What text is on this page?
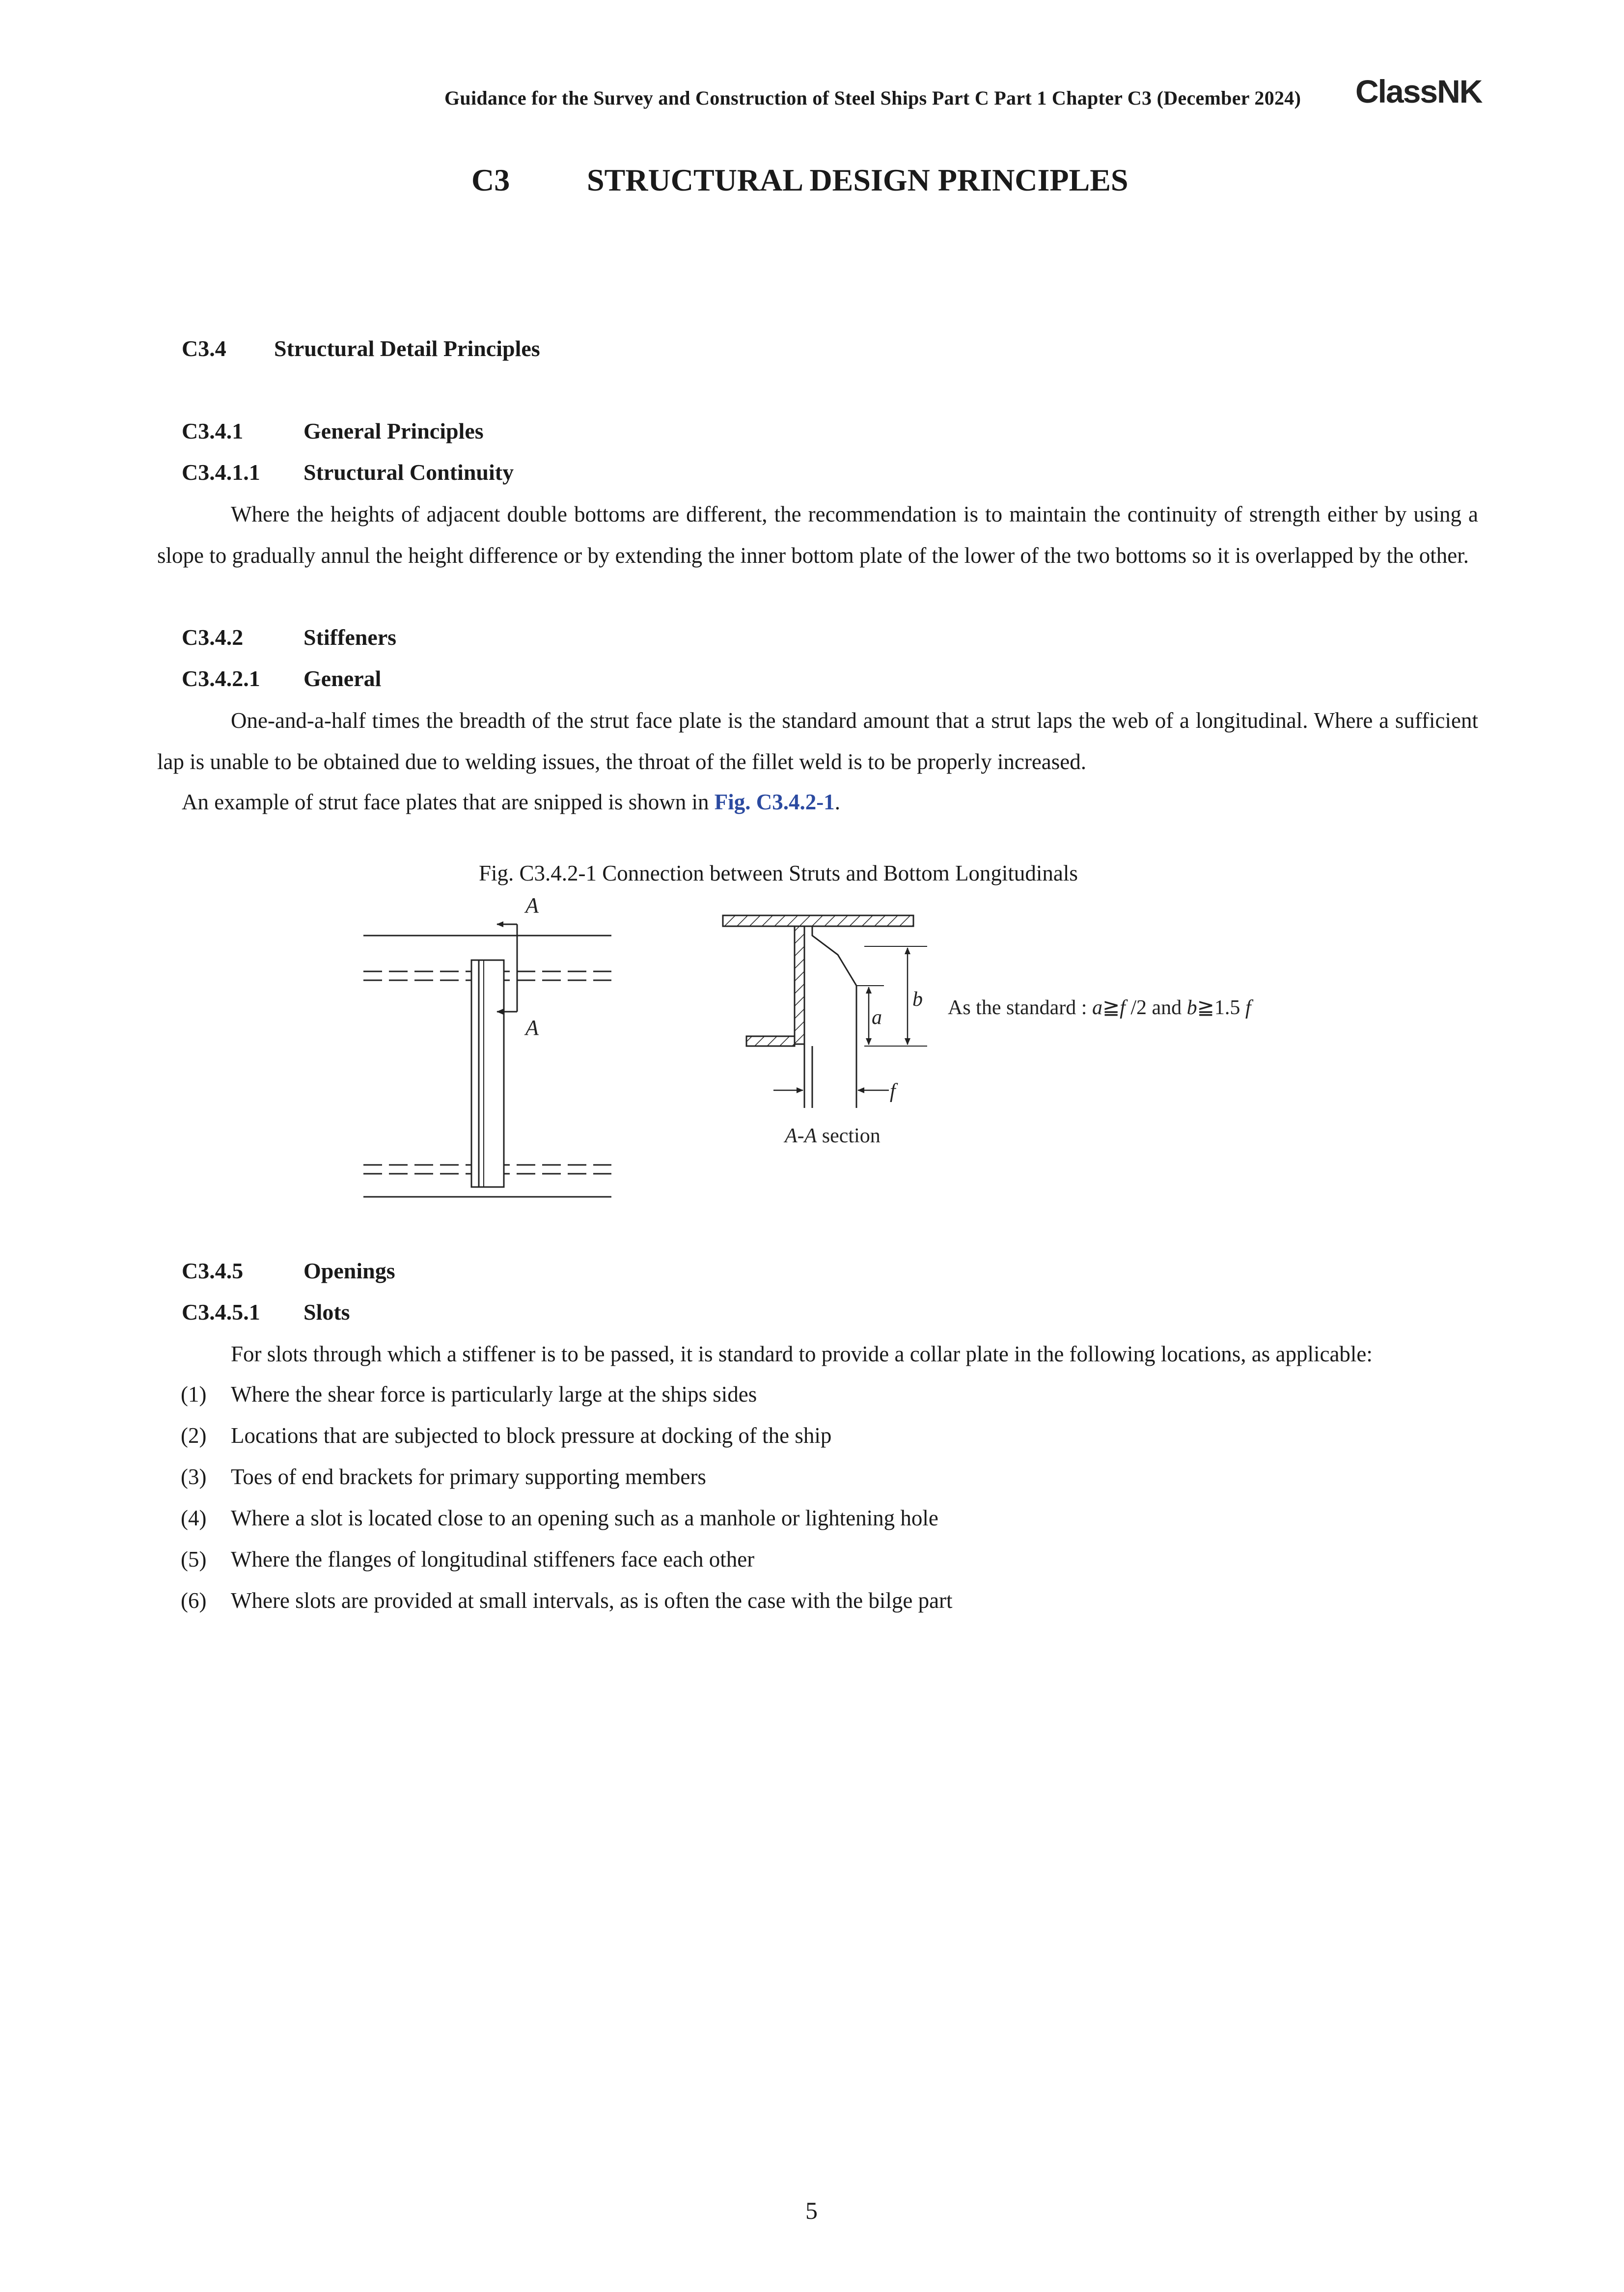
Guidance for the Survey and Construction of Steel Ships Part C Part 1 Chapter C3 (December 2024) ClassNK
C3 STRUCTURAL DESIGN PRINCIPLES
C3.4 Structural Detail Principles
C3.4.1	General Principles
C3.4.1.1 Structural Continuity
Where the heights of adjacent double bottoms are different, the recommendation is to maintain the continuity of strength either by using a slope to gradually annul the height difference or by extending the inner bottom plate of the lower of the two bottoms so it is overlapped by the other.
C3.4.2	Stiffeners
C3.4.2.1 General
One-and-a-half times the breadth of the strut face plate is the standard amount that a strut laps the web of a longitudinal. Where a sufficient lap is unable to be obtained due to welding issues, the throat of the fillet weld is to be properly increased.
An example of strut face plates that are snipped is shown in Fig. C3.4.2-1.
Fig. C3.4.2-1 Connection between Struts and Bottom Longitudinals
A
A	a
b
f
A-A section
As the standard : a≧f /2 and b≧1.5 f
C3.4.5	Openings
C3.4.5.1 Slots
For slots through which a stiffener is to be passed, it is standard to provide a collar plate in the following locations, as applicable:
(1) Where the shear force is particularly large at the ships sides
(2) Locations that are subjected to block pressure at docking of the ship
(3) Toes of end brackets for primary supporting members
(4) Where a slot is located close to an opening such as a manhole or lightening hole
(5) Where the flanges of longitudinal stiffeners face each other
(6) Where slots are provided at small intervals, as is often the case with the bilge part
5
